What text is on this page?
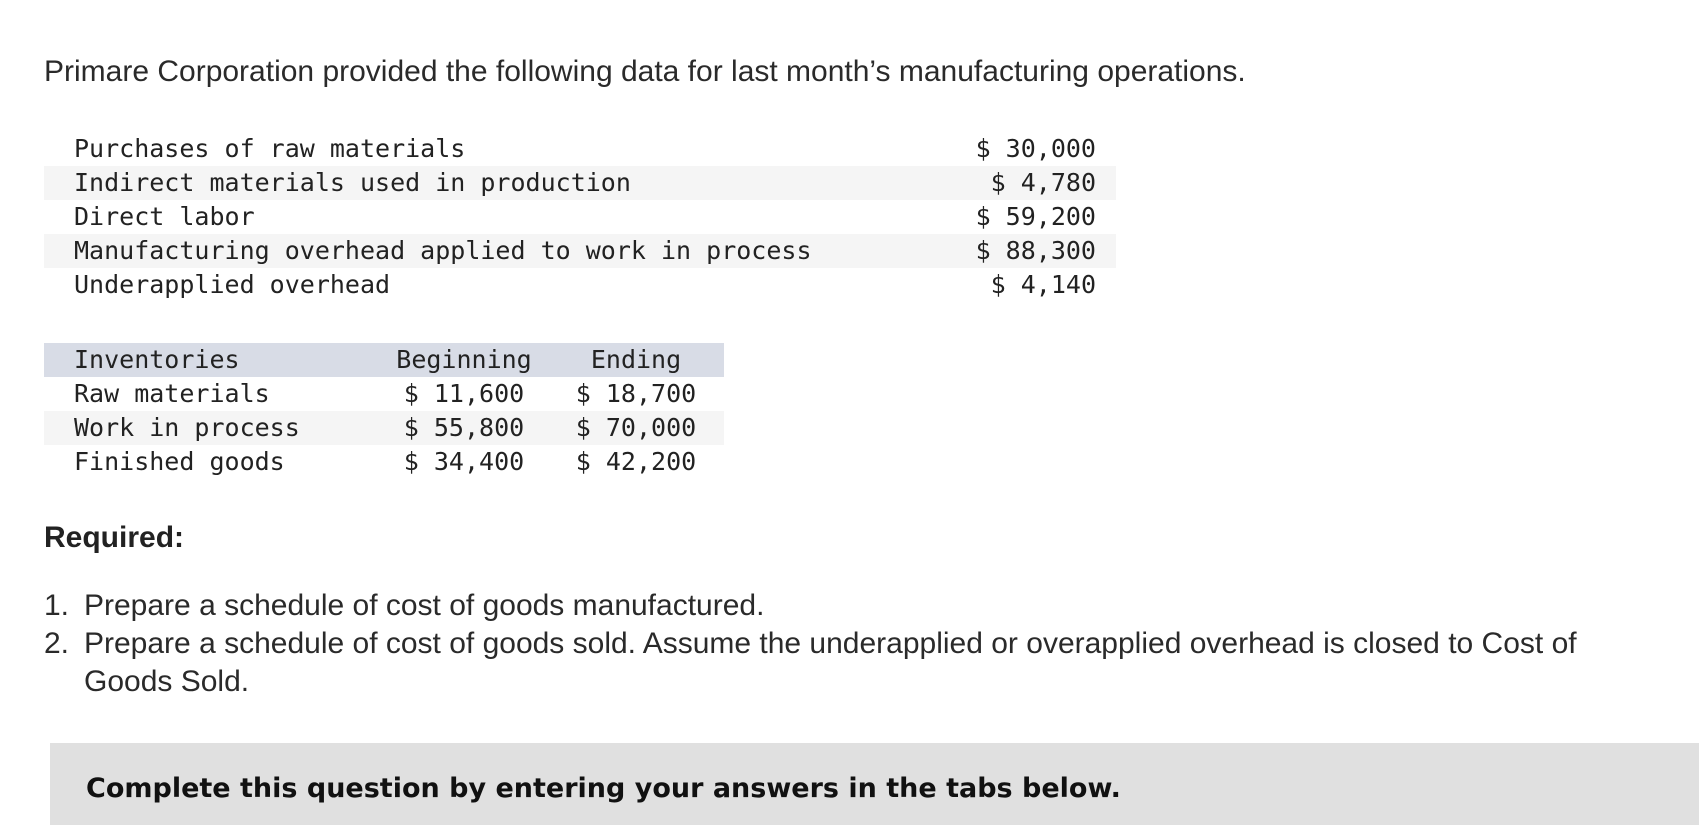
Primare Corporation provided the following data for last month’s manufacturing operations.
Purchases of raw materials	$ 30,000
Indirect materials used in production	$ 4,780
Direct labor	$ 59,200
Manufacturing overhead applied to work in process	$ 88,300
Underapplied overhead	$ 4,140
Inventories	Beginning	Ending
Raw materials	$ 11,600	$ 18,700
Work in process	$ 55,800	$ 70,000
Finished goods	$ 34,400	$ 42,200
Required:
1. Prepare a schedule of cost of goods manufactured.
2. Prepare a schedule of cost of goods sold. Assume the underapplied or overapplied overhead is closed to Cost of Goods Sold.
Complete this question by entering your answers in the tabs below.
